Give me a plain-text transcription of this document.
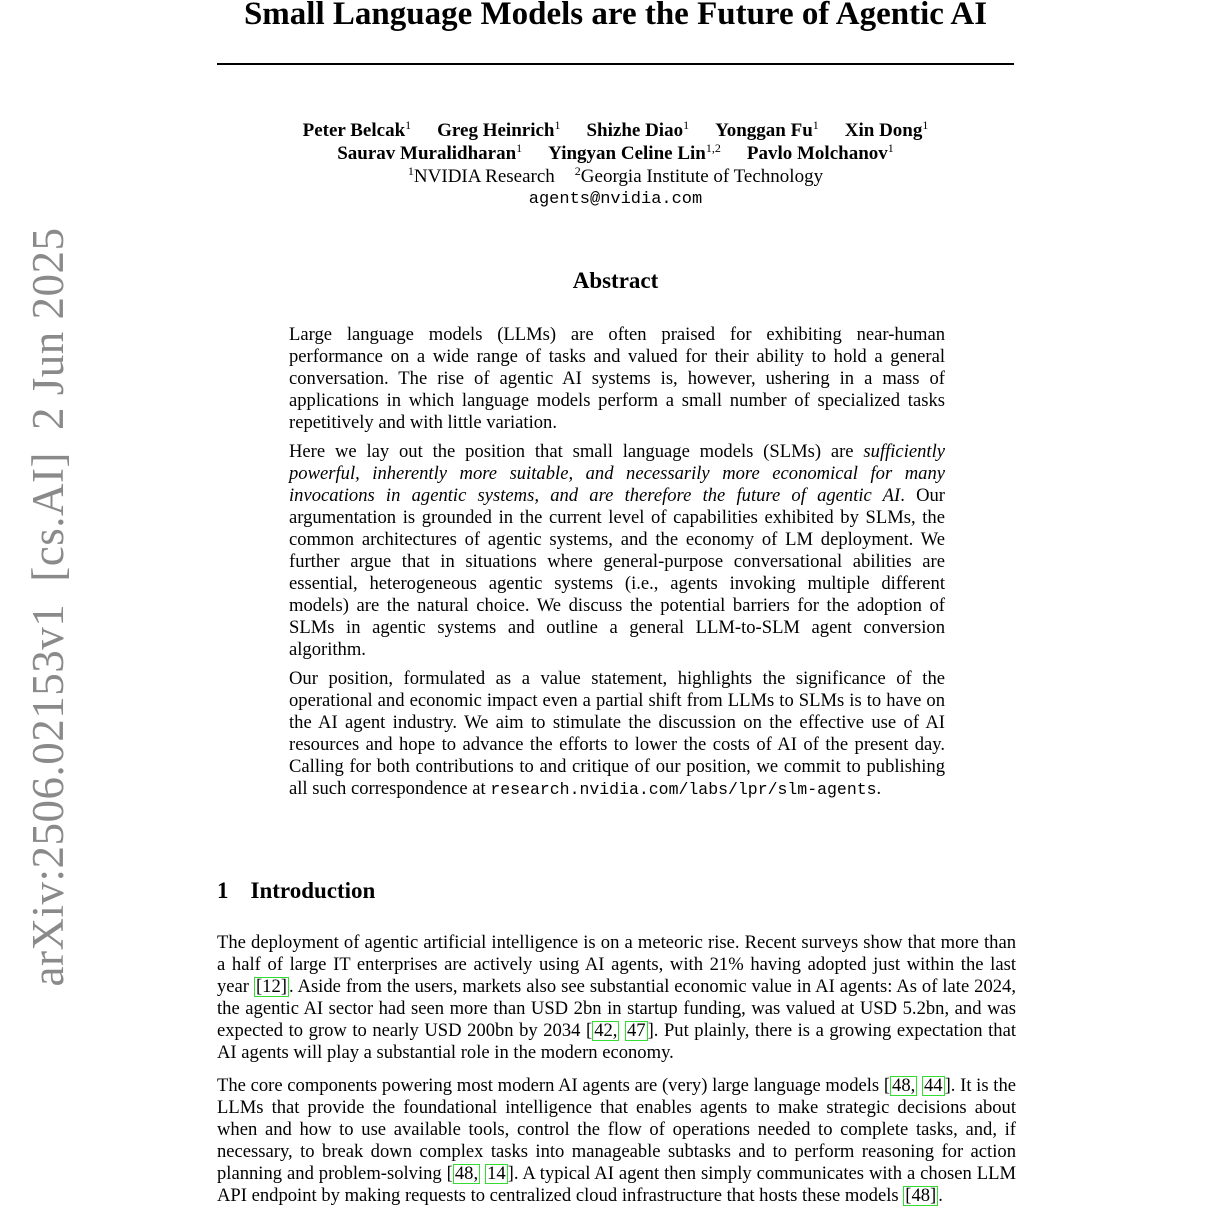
arXiv:2506.02153v1[cs.AI]2 Jun 2025
Small Language Models are the Future of Agentic AI
Peter Belcak$^1$ Greg Heinrich$^1$ Shizhe Diao$^1$ Yonggan Fu$^1$ Xin Dong$^1$
Saurav Muralidharan$^1$ Yingyan Celine Lin$^{1,2}$ Pavlo Molchanov$^1$
$^1$NVIDIA Research $^2$Georgia Institute of Technology
agents@nvidia.com
Abstract

Large language models (LLMs) are often praised for exhibiting near-human performance on a wide range of tasks and valued for their ability to hold a general conversation. The rise of agentic AI systems is, however, ushering in a mass of applications in which language models perform a small number of specialized tasks repetitively and with little variation.

Here we lay out the position that small language models (SLMs) are sufficiently powerful, inherently more suitable, and necessarily more economical for many invocations in agentic systems, and are therefore the future of agentic AI. Our argumentation is grounded in the current level of capabilities exhibited by SLMs, the common architectures of agentic systems, and the economy of LM deployment. We further argue that in situations where general-purpose conversational abilities are essential, heterogeneous agentic systems (i.e., agents invoking multiple different models) are the natural choice. We discuss the potential barriers for the adoption of SLMs in agentic systems and outline a general LLM-to-SLM agent conversion algorithm.

Our position, formulated as a value statement, highlights the significance of the operational and economic impact even a partial shift from LLMs to SLMs is to have on the AI agent industry. We aim to stimulate the discussion on the effective use of AI resources and hope to advance the efforts to lower the costs of AI of the present day. Calling for both contributions to and critique of our position, we commit to publishing all such correspondence at research.nvidia.com/labs/lpr/slm-agents.

1 Introduction

The deployment of agentic artificial intelligence is on a meteoric rise. Recent surveys show that more than a half of large IT enterprises are actively using AI agents, with 21% having adopted just within the last year [12] . Aside from the users, markets also see substantial economic value in AI agents: As of late 2024, the agentic AI sector had seen more than USD 2bn in startup funding, was valued at USD 5.2bn, and was expected to grow to nearly USD 200bn by 2034 [ 42, 47 ]. Put plainly, there is a growing expectation that AI agents will play a substantial role in the modern economy.

The core components powering most modern AI agents are (very) large language models [ 48, 44 ]. It is the LLMs that provide the foundational intelligence that enables agents to make strategic decisions about when and how to use available tools, control the flow of operations needed to complete tasks, and, if necessary, to break down complex tasks into manageable subtasks and to perform reasoning for action planning and problem-solving [ 48, 14 ]. A typical AI agent then simply communicates with a chosen LLM API endpoint by making requests to centralized cloud infrastructure that hosts these models [48] .
